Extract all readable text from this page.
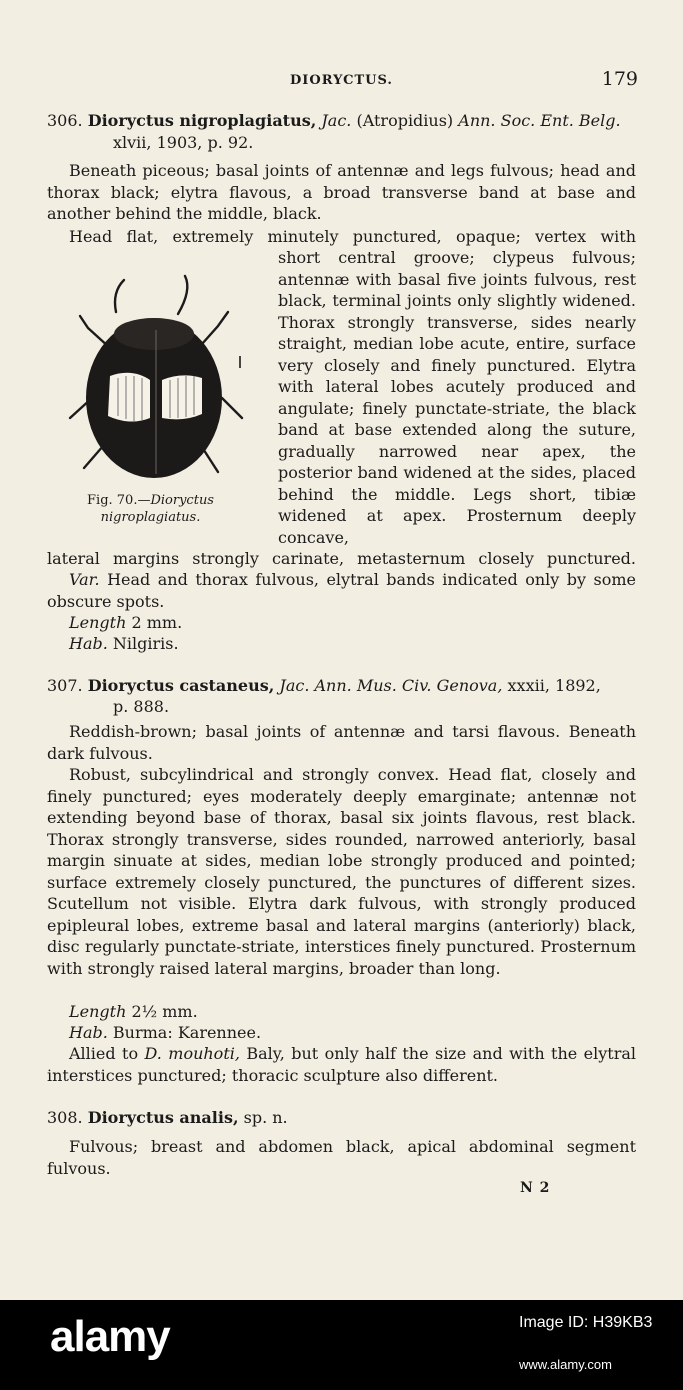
DIORYCTUS.	179
306. Dioryctus nigroplagiatus, Jac. (Atropidius) Ann. Soc. Ent. Belg.
xlvii, 1903, p. 92.

Beneath piceous; basal joints of antennæ and legs fulvous; head and thorax black; elytra flavous, a broad transverse band at base and another behind the middle, black.

Head flat, extremely minutely punctured, opaque; vertex with
Fig. 70.—Dioryctus nigroplagiatus.

short central groove; clypeus fulvous; antennæ with basal five joints fulvous, rest black, terminal joints only slightly widened. Thorax strongly transverse, sides nearly straight, median lobe acute, entire, surface very closely and finely punctured. Elytra with lateral lobes acutely produced and angulate; finely punctate-striate, the black band at base extended along the suture, gradually narrowed near apex, the posterior band widened at the sides, placed behind the middle. Legs short, tibiæ widened at apex. Prosternum deeply concave,

lateral margins strongly carinate, metasternum closely punctured.

Var. Head and thorax fulvous, elytral bands indicated only by some obscure spots.

Length 2 mm.
Hab. Nilgiris.
307. Dioryctus castaneus, Jac. Ann. Mus. Civ. Genova, xxxii, 1892,
p. 888.

Reddish-brown; basal joints of antennæ and tarsi flavous. Beneath dark fulvous.

Robust, subcylindrical and strongly convex. Head flat, closely and finely punctured; eyes moderately deeply emarginate; antennæ not extending beyond base of thorax, basal six joints flavous, rest black. Thorax strongly transverse, sides rounded, narrowed anteriorly, basal margin sinuate at sides, median lobe strongly produced and pointed; surface extremely closely punctured, the punctures of different sizes. Scutellum not visible. Elytra dark fulvous, with strongly produced epipleural lobes, extreme basal and lateral margins (anteriorly) black, disc regularly punctate-striate, interstices finely punctured. Prosternum with strongly raised lateral margins, broader than long.

Length 2½ mm.
Hab. Burma: Karennee.

Allied to D. mouhoti, Baly, but only half the size and with the elytral interstices punctured; thoracic sculpture also different.

308. Dioryctus analis, sp. n.

Fulvous; breast and abdomen black, apical abdominal segment fulvous.

N 2
alamy	Image ID: H39KB3
www.alamy.com
